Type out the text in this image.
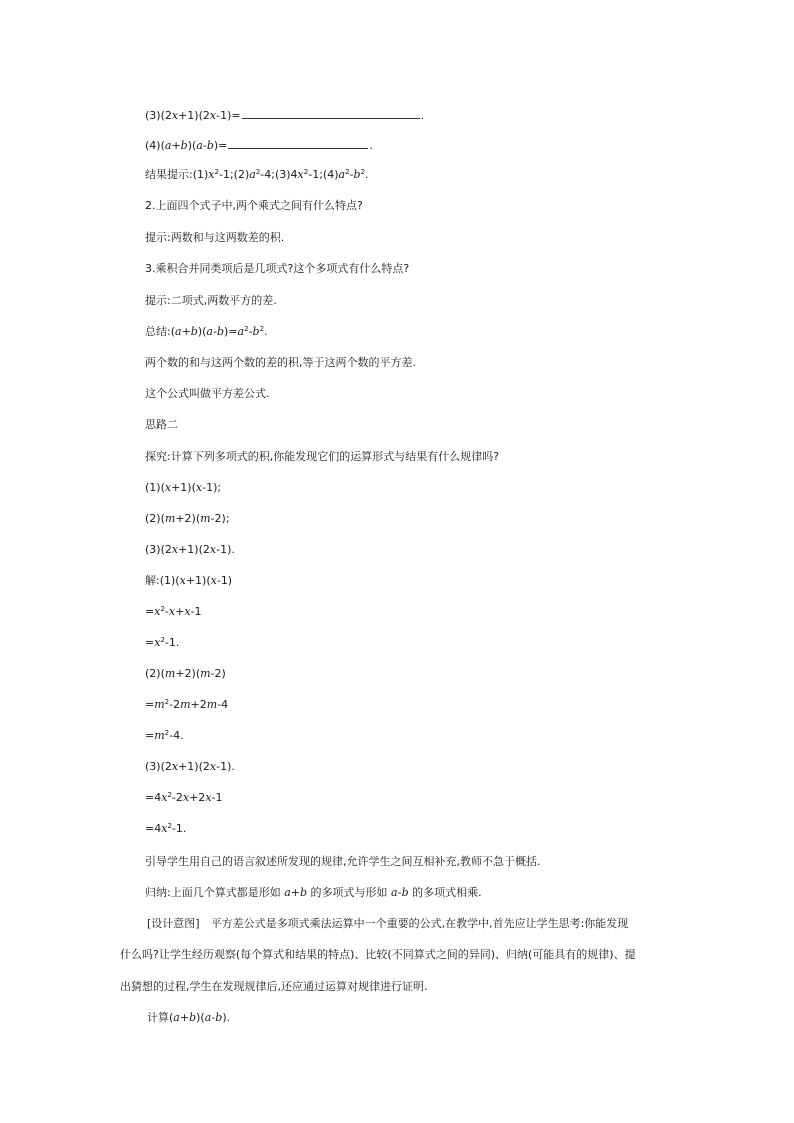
(3)(2x+1)(2x-1)=	.
(4)(a+b)(a-b)=	.
结果提示$:(1)x^2-1;(2)a^2-4;(3)4x^2-1;(4)a^2-b^2$.
2.上面四个式子中,两个乘式之间有什么特点?
提示:两数和与这两数差的积.
3.乘积合并同类项后是几项式?这个多项式有什么特点?
提示:二项式,两数平方的差.
总结$:(a+b)(a-b)=a^2-b^2$.
两个数的和与这两个数的差的积,等于这两个数的平方差.
这个公式叫做平方差公式.
思路二
探究:计算下列多项式的积,你能发现它们的运算形式与结果有什么规律吗?
(1)(x+1)(x-1);
(2)(m+2)(m-2);
(3)(2x+1)(2x-1).
解:(1)(x+1)(x-1)
$=x^2-x+x-1$
$=x^2-1$.
(2)(m+2)(m-2)
$=m^2-2m+2m-4$
$=m^2-4$.
(3)(2x+1)(2x-1).
$=4x^2-2x+2x-1$
$=4x^2-1$.
引导学生用自己的语言叙述所发现的规律,允许学生之间互相补充,教师不急于概括.
归纳:上面几个算式都是形如 a+b 的多项式与形如 a-b 的多项式相乘.
[设计意图]　平方差公式是多项式乘法运算中一个重要的公式,在教学中,首先应让学生思考:你能发现
什么吗?让学生经历观察(每个算式和结果的特点)、比较(不同算式之间的异同)、归纳(可能具有的规律)、提
出猜想的过程,学生在发现规律后,还应通过运算对规律进行证明.
计算(a+b)(a-b).
